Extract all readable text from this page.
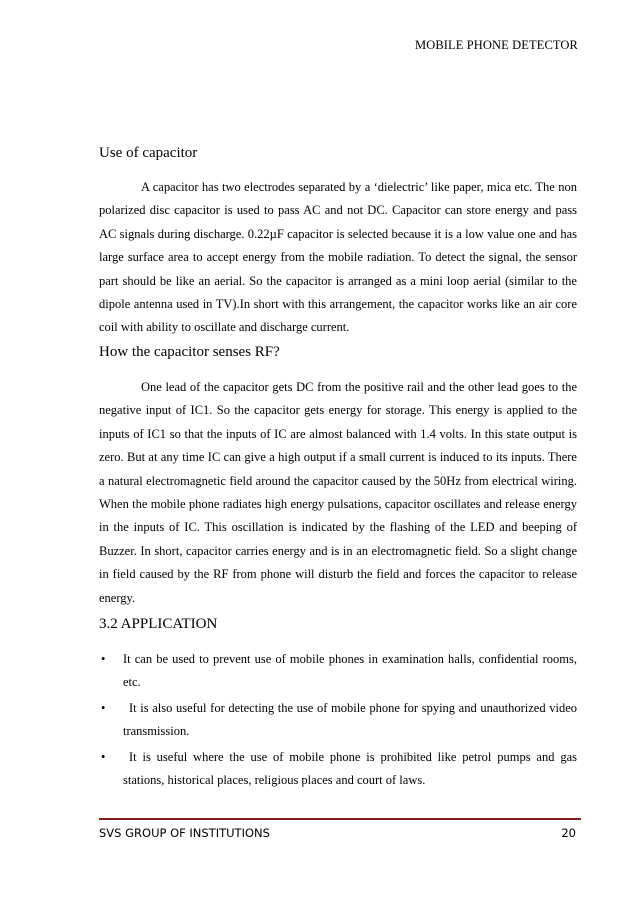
MOBILE PHONE DETECTOR
Use of capacitor

A capacitor has two electrodes separated by a ‘dielectric’ like paper, mica etc. The non polarized disc capacitor is used to pass AC and not DC. Capacitor can store energy and pass AC signals during discharge. 0.22µF capacitor is selected because it is a low value one and has large surface area to accept energy from the mobile radiation. To detect the signal, the sensor part should be like an aerial. So the capacitor is arranged as a mini loop aerial (similar to the dipole antenna used in TV).In short with this arrangement, the capacitor works like an air core coil with ability to oscillate and discharge current.

How the capacitor senses RF?

One lead of the capacitor gets DC from the positive rail and the other lead goes to the negative input of IC1. So the capacitor gets energy for storage. This energy is applied to the inputs of IC1 so that the inputs of IC are almost balanced with 1.4 volts. In this state output is zero. But at any time IC can give a high output if a small current is induced to its inputs. There a natural electromagnetic field around the capacitor caused by the 50Hz from electrical wiring. When the mobile phone radiates high energy pulsations, capacitor oscillates and release energy in the inputs of IC. This oscillation is indicated by the flashing of the LED and beeping of Buzzer. In short, capacitor carries energy and is in an electromagnetic field. So a slight change in field caused by the RF from phone will disturb the field and forces the capacitor to release energy.

3.2 APPLICATION
• It can be used to prevent use of mobile phones in examination halls, confidential rooms, etc.
• It is also useful for detecting the use of mobile phone for spying and unauthorized video transmission.
• It is useful where the use of mobile phone is prohibited like petrol pumps and gas stations, historical places, religious places and court of laws.
SVS GROUP OF INSTITUTIONS	20
